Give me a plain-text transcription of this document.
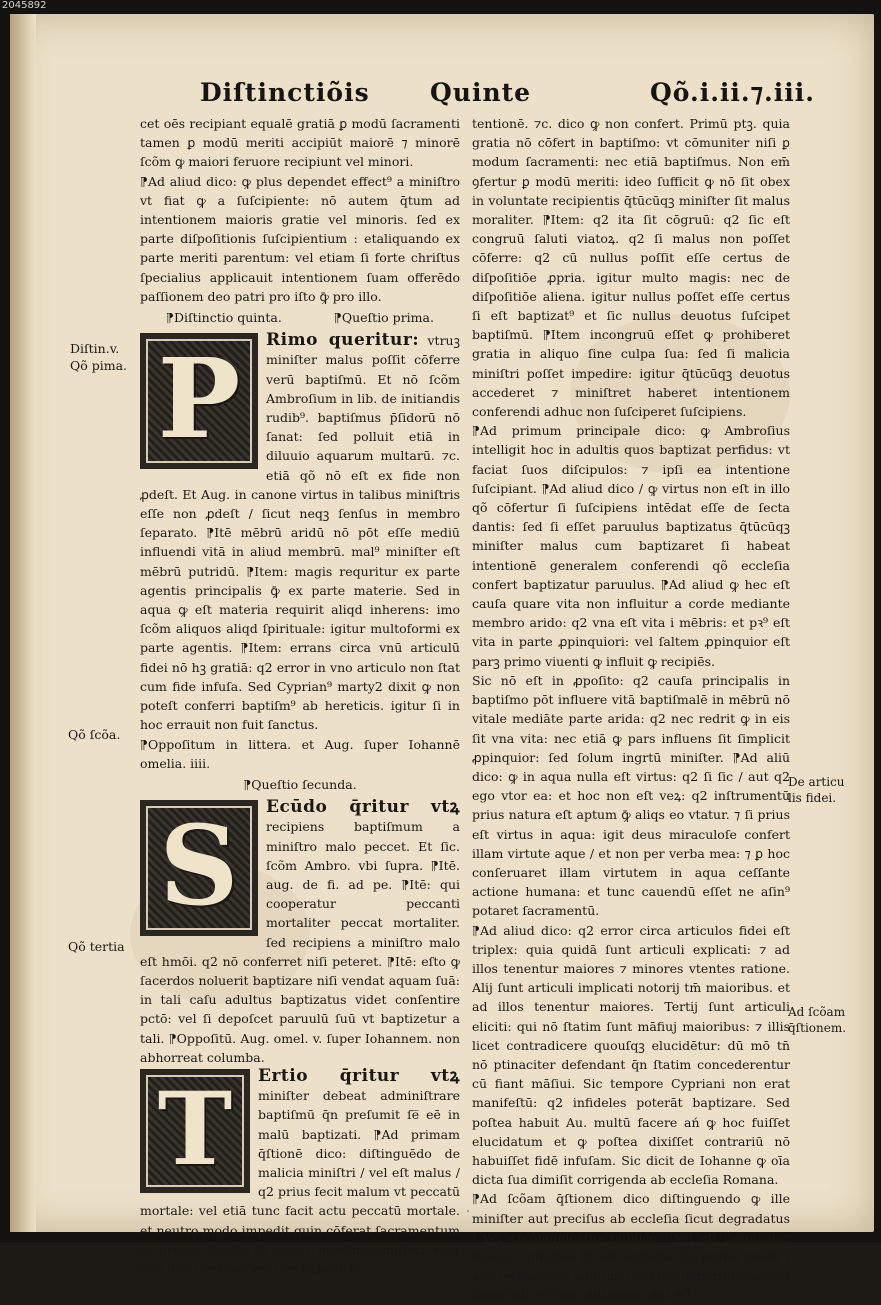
Diſtinctiõis Quinte	Qõ.i.ii.⁊.iii.

cet oēs recipiant equalē gratiā ꝑ modū ſacramenti tamen ꝑ modū meriti accipiūt maiorē ⁊ minorē ſcõm ꝙ maiori feruore recipiunt vel minori.

⁋Ad aliud dico: ꝙ plus dependet effect⁹ a miniſtro vt fiat ꝙ a ſuſcipiente: nō autem q̄tum ad intentionem maioris gratie vel minoris. ſed ex parte diſpoſitionis ſuſcipientium : etaliquando ex parte meriti parentum: vel etiam ſi forte chriſtus ſpecialius applicauit intentionem ſuam offerēdo paſſionem deo patri pro iſto ꝙ̄ pro illo.

⁋Diſtinctio quinta.	⁋Queſtio prima.
P	Rimo queritur: vtruꝫ miniſter malus poſſit cōferre verū baptiſmū. Et nō ſcõm Ambroſium in lib. de initiandis rudib⁹. baptiſmus p̄ſidorū nō ſanat: ſed polluit etiā in diluuio aquarum multarū. ⁊c. etiā qõ nō eſt ex fide non ꝓdeſt. Et Aug. in canone virtus in talibus miniſtris eſſe non ꝓdeſt / ſicut neqꝫ ſenſus in membro ſeparato. ⁋Itē mēbrū aridū nō pōt eſſe mediū influendi vitā in aliud membrū. mal⁹ miniſter eſt mēbrū putridū. ⁋Item: magis requritur ex parte agentis principalis ꝙ̄ ex parte materie. Sed in aqua ꝙ eſt materia requirit aliqd inherens: imo ſcõm aliquos aliqd ſpirituale: igitur multoformi ex parte agentis. ⁋Item: errans circa vnū articulū fidei nō hꝫ gratiā: q2 error in vno articulo non ſtat cum fide infuſa. Sed Cyprian⁹ marty2 dixit ꝙ non poteſt conferri baptiſm⁹ ab hereticis. igitur ſi in hoc errauit non fuit ſanctus.

⁋Oppoſitum in littera. et Aug. ſuper Iohannē omelia. iiii.

⁋Queſtio ſecunda.
S	Ecūdo q̄ritur vtꝝ recipiens baptiſmum a miniſtro malo peccet. Et ſic. ſcõm Ambro. vbi ſupra. ⁋Itē. aug. de fi. ad pe. ⁋Itē: qui cooperatur peccanti mortaliter peccat mortaliter. ſed recipiens a miniſtro malo eſt hmōi. q2 nō conferret niſi peteret. ⁋Itē: eſto ꝙ ſacerdos noluerit baptizare niſi vendat aquam ſuā: in tali caſu adultus baptizatus videt conſentire pctō: vel ſi depoſcet paruulū ſuū vt baptizetur a tali. ⁋Oppoſitū. Aug. omel. v. ſuper Iohannem. non abhorreat columba.
T	Ertio q̄ritur vtꝝ miniſter debeat adminiſtrare baptiſmū q̄n preſumit ſe̅ eē in malū baptizati. ⁋Ad primam q̄ſtionē dico: diſtinguēdo de malicia miniſtri / vel eſt malus / q2 prius fecit malum vt peccatū mortale: vel etiā tunc facit actu peccatū mortale. et neutro modo impedit quin cōferat ſacramentum et gratia. Si aūt ſit malus ingrūm miniſter: vt ꝙ non dicat verba / vel non habeat in

tentionē. ⁊c. dico ꝙ non confert. Primū ptꝫ. quia gratia nō cōfert in baptiſmo: vt cōmuniter niſi ꝑ modum ſacramenti: nec etiā baptiſmus. Non em̄ ꝯfertur ꝑ modū meriti: ideo ſufficit ꝙ nō ſit obex in voluntate recipientis q̄tūcūqꝫ miniſter ſit malus moraliter. ⁋Item: q2 ita ſit cōgruū: q2 ſic eſt congruū ſaluti viatoꝝ. q2 ſi malus non poſſet cōferre: q2 cū nullus poſſit eſſe certus de diſpoſitiōe ꝓpria. igitur multo magis: nec de diſpoſitiōe aliena. igitur nullus poſſet eſſe certus ſi eſt baptizat⁹ et ſic nullus deuotus ſuſcipet baptiſmū. ⁋Item incongruū eſſet ꝙ prohiberet gratia in aliquo ſine culpa ſua: ſed ſi malicia miniſtri poſſet impedire: igitur q̄tūcūqꝫ deuotus accederet ⁊ miniſtret haberet intentionem conferendi adhuc non ſuſciperet ſuſcipiens.

⁋Ad primum principale dico: ꝙ Ambroſius intelligit hoc in adultis quos baptizat perfidus: vt faciat ſuos diſcipulos: ⁊ ipſi ea intentione ſuſcipiant. ⁋Ad aliud dico / ꝙ virtus non eſt in illo qõ cōfertur ſi ſuſcipiens intēdat eſſe de ſecta dantis: ſed ſi eſſet paruulus baptizatus q̄tūcūqꝫ miniſter malus cum baptizaret ſi habeat intentionē generalem conferendi qõ eccleſia confert baptizatur paruulus. ⁋Ad aliud ꝙ hec eſt cauſa quare vita non influitur a corde mediante membro arido: q2 vna eſt vita i mēbris: et pꝛ⁹ eſt vita in parte ꝓpinquiori: vel ſaltem ꝓpinquior eſt parꝫ primo viuenti ꝙ influit ꝙ recipiēs.

Sic nō eſt in ꝓpoſito: q2 cauſa principalis in baptiſmo pōt influere vitā baptiſmalē in mēbrū nō vitale mediāte parte arida: q2 nec redrit ꝙ in eis ſit vna vita: nec etiā ꝙ pars influens ſit ſimplicit ꝓpinquior: ſed ſolum ingrtū miniſter. ⁋Ad aliū dico: ꝙ in aqua nulla eſt virtus: q2 ſi ſic / aut q2 ego vtor ea: et hoc non eſt veꝝ: q2 inſtrumentū prius natura eſt aptum ꝙ̄ aliqs eo vtatur. ⁊ ſi prius eſt virtus in aqua: igit deus miraculoſe confert illam virtute aque / et non per verba mea: ⁊ ꝑ hoc conſeruaret illam virtutem in aqua ceſſante actione humana: et tunc cauendū eſſet ne aſin⁹ potaret ſacramentū.

⁋Ad aliud dico: q2 error circa articulos fidei eſt triplex: quia quidā ſunt articuli explicati: ⁊ ad illos tenentur maiores ⁊ minores vtentes ratione. Alij ſunt articuli implicati notorij tm̄ maioribus. et ad illos tenentur maiores. Tertij ſunt articuli eliciti: qui nō ſtatim ſunt māfiuj maioribus: ⁊ illis licet contradicere quouſqꝫ elucidētur: dū mō tn̄ nō ptinaciter defendant q̄n ſtatim concederentur cū fiant māſiui. Sic tempore Cypriani non erat manifeſtū: q2 infideles poterāt baptizare. Sed poſtea habuit Au. multū facere ań ꝙ hoc fuiſſet elucidatum et ꝙ poſtea dixiſſet contrariū nō habuiſſet fidē infuſam. Sic dicit de Iohanne ꝙ oīa dicta ſua dimiſit corrigenda ab eccleſia Romana.

⁋Ad ſcõam q̄ſtionem dico diſtinguendo ꝙ ille miniſter aut preciſus ab eccleſia ſicut degradatus / vel excōmunicatus publice / vel eſt ſimpliciter malus / pmiſſus tn̄ ab eccleſia. Si primo modo / aut recipiēs eſt adultus / vel ipe deportat paruulū ſuum tali. et tunc diſtinguo. aut eſt

Diſtin.v.
Qõ pima.
Qõ ſcõa.
Qõ tertia
De articu
lis fidei.
Ad ſcõam
q̄ſtionem.
·
2045892
